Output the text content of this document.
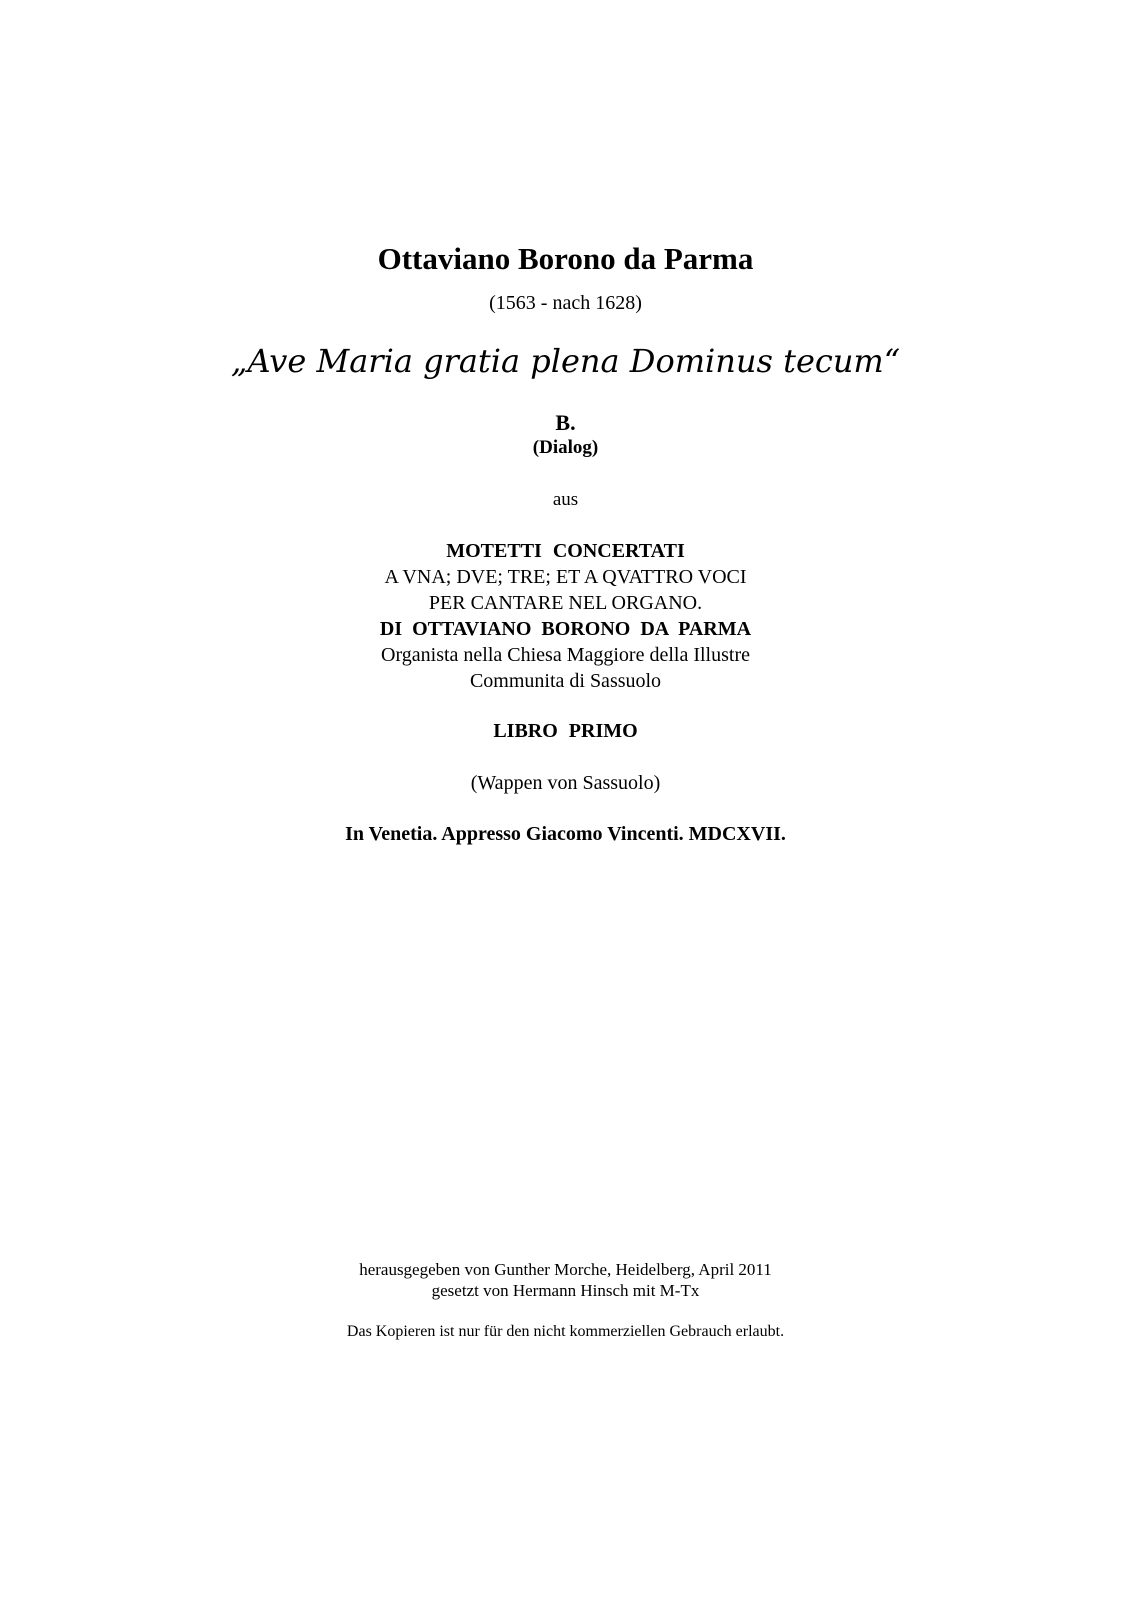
Ottaviano Borono da Parma
(1563 - nach 1628)
„Ave Maria gratia plena Dominus tecum“
B.
(Dialog)
aus
MOTETTI CONCERTATI
A VNA; DVE; TRE; ET A QVATTRO VOCI
PER CANTARE NEL ORGANO.
DI OTTAVIANO BORONO DA PARMA
Organista nella Chiesa Maggiore della Illustre
Communita di Sassuolo
LIBRO PRIMO
(Wappen von Sassuolo)
In Venetia. Appresso Giacomo Vincenti. MDCXVII.
herausgegeben von Gunther Morche, Heidelberg, April 2011
gesetzt von Hermann Hinsch mit M-Tx
Das Kopieren ist nur für den nicht kommerziellen Gebrauch erlaubt.
